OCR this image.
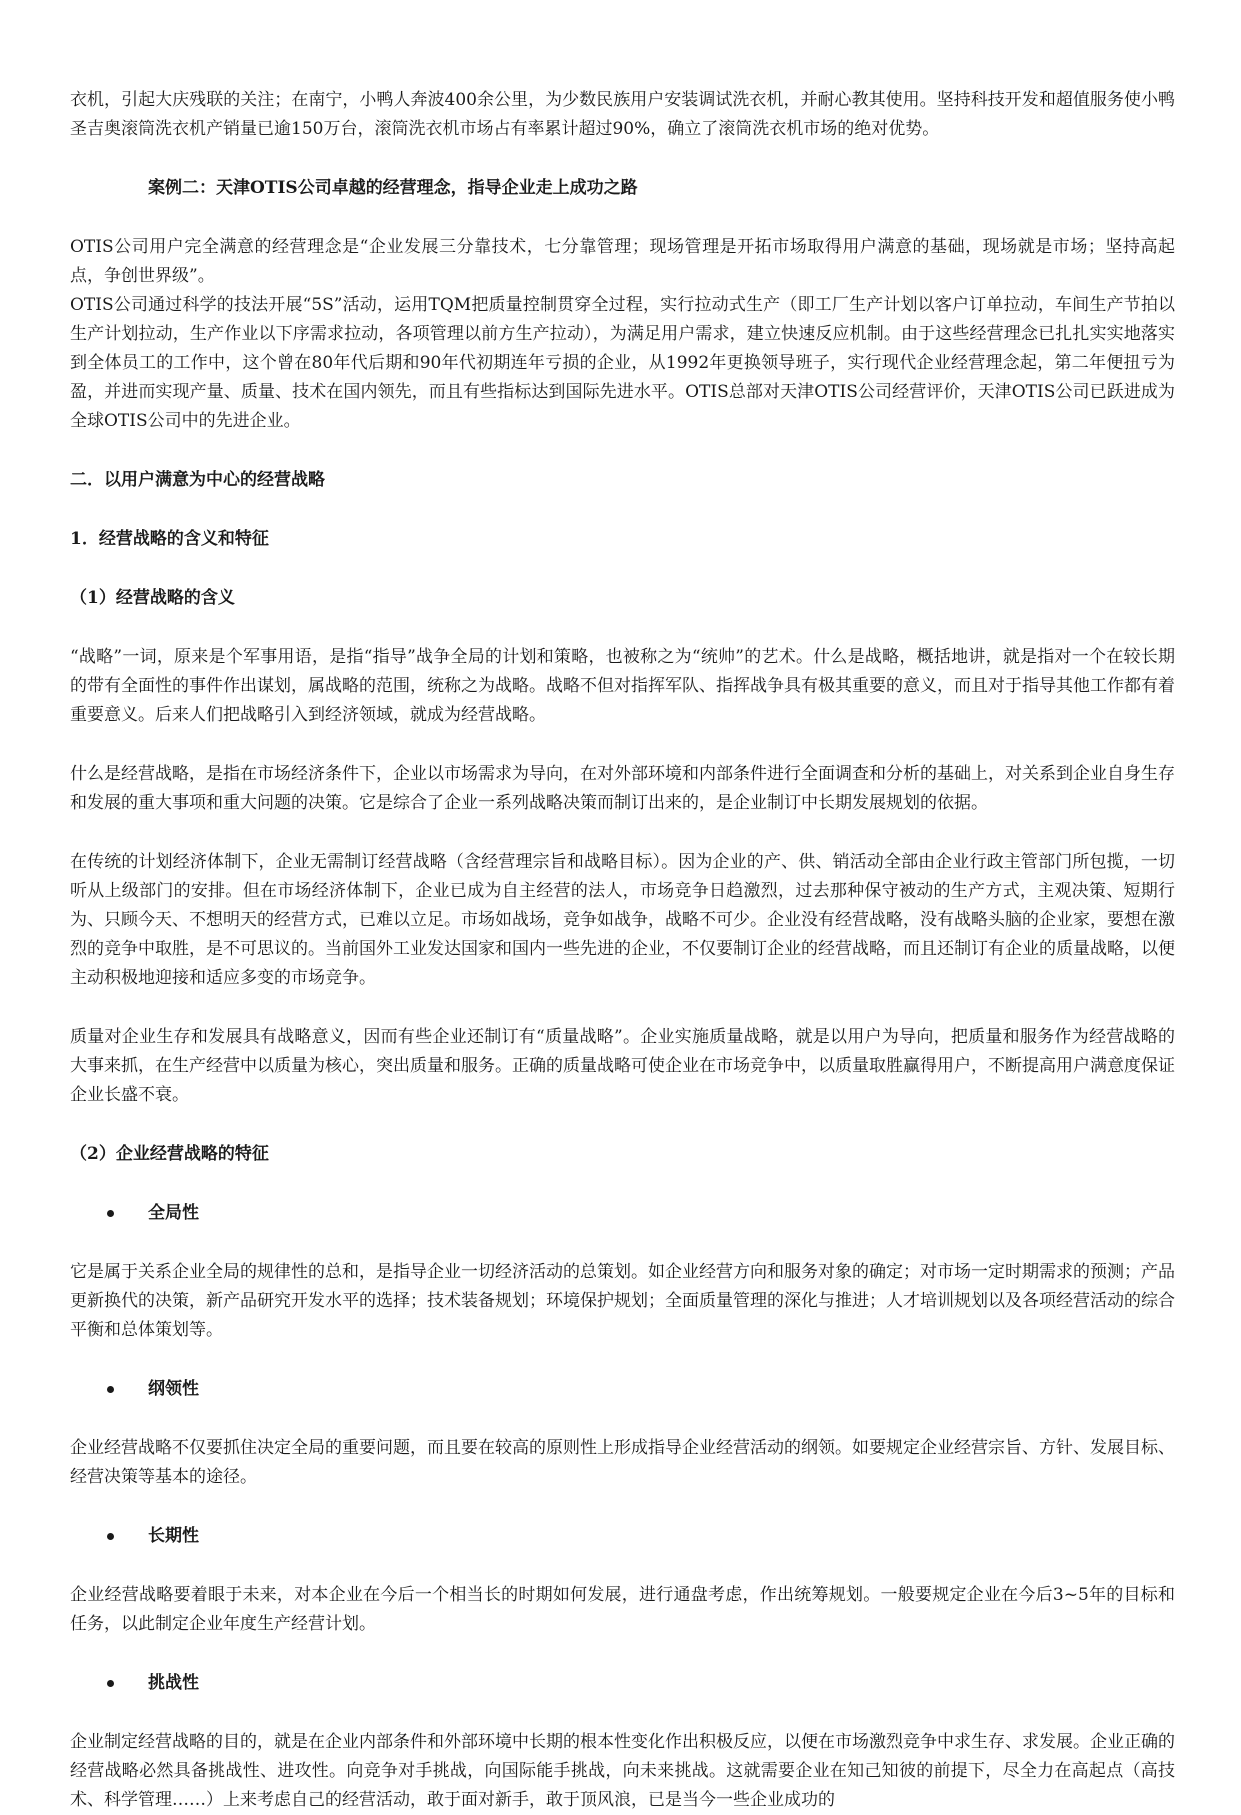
衣机，引起大庆残联的关注；在南宁，小鸭人奔波400余公里，为少数民族用户安装调试洗衣机，并耐心教其使用。坚持科技开发和超值服务使小鸭圣吉奥滚筒洗衣机产销量已逾150万台，滚筒洗衣机市场占有率累计超过90%，确立了滚筒洗衣机市场的绝对优势。

案例二：天津OTIS公司卓越的经营理念，指导企业走上成功之路

OTIS公司用户完全满意的经营理念是“企业发展三分靠技术，七分靠管理；现场管理是开拓市场取得用户满意的基础，现场就是市场；坚持高起点，争创世界级”。

OTIS公司通过科学的技法开展“5S”活动，运用TQM把质量控制贯穿全过程，实行拉动式生产（即工厂生产计划以客户订单拉动，车间生产节拍以生产计划拉动，生产作业以下序需求拉动，各项管理以前方生产拉动），为满足用户需求，建立快速反应机制。由于这些经营理念已扎扎实实地落实到全体员工的工作中，这个曾在80年代后期和90年代初期连年亏损的企业，从1992年更换领导班子，实行现代企业经营理念起，第二年便扭亏为盈，并进而实现产量、质量、技术在国内领先，而且有些指标达到国际先进水平。OTIS总部对天津OTIS公司经营评价，天津OTIS公司已跃进成为全球OTIS公司中的先进企业。

二．以用户满意为中心的经营战略
1．经营战略的含义和特征
（1）经营战略的含义

“战略”一词，原来是个军事用语，是指“指导”战争全局的计划和策略，也被称之为“统帅”的艺术。什么是战略，概括地讲，就是指对一个在较长期的带有全面性的事件作出谋划，属战略的范围，统称之为战略。战略不但对指挥军队、指挥战争具有极其重要的意义，而且对于指导其他工作都有着重要意义。后来人们把战略引入到经济领域，就成为经营战略。

什么是经营战略，是指在市场经济条件下，企业以市场需求为导向，在对外部环境和内部条件进行全面调查和分析的基础上，对关系到企业自身生存和发展的重大事项和重大问题的决策。它是综合了企业一系列战略决策而制订出来的，是企业制订中长期发展规划的依据。

在传统的计划经济体制下，企业无需制订经营战略（含经营理宗旨和战略目标）。因为企业的产、供、销活动全部由企业行政主管部门所包揽，一切听从上级部门的安排。但在市场经济体制下，企业已成为自主经营的法人，市场竞争日趋激烈，过去那种保守被动的生产方式，主观决策、短期行为、只顾今天、不想明天的经营方式，已难以立足。市场如战场，竞争如战争，战略不可少。企业没有经营战略，没有战略头脑的企业家，要想在激烈的竞争中取胜，是不可思议的。当前国外工业发达国家和国内一些先进的企业，不仅要制订企业的经营战略，而且还制订有企业的质量战略，以便主动积极地迎接和适应多变的市场竞争。

质量对企业生存和发展具有战略意义，因而有些企业还制订有“质量战略”。企业实施质量战略，就是以用户为导向，把质量和服务作为经营战略的大事来抓，在生产经营中以质量为核心，突出质量和服务。正确的质量战略可使企业在市场竞争中，以质量取胜赢得用户，不断提高用户满意度保证企业长盛不衰。

（2）企业经营战略的特征
全局性

它是属于关系企业全局的规律性的总和，是指导企业一切经济活动的总策划。如企业经营方向和服务对象的确定；对市场一定时期需求的预测；产品更新换代的决策，新产品研究开发水平的选择；技术装备规划；环境保护规划；全面质量管理的深化与推进；人才培训规划以及各项经营活动的综合平衡和总体策划等。

纲领性

企业经营战略不仅要抓住决定全局的重要问题，而且要在较高的原则性上形成指导企业经营活动的纲领。如要规定企业经营宗旨、方针、发展目标、经营决策等基本的途径。

长期性

企业经营战略要着眼于未来，对本企业在今后一个相当长的时期如何发展，进行通盘考虑，作出统筹规划。一般要规定企业在今后3~5年的目标和任务，以此制定企业年度生产经营计划。

挑战性

企业制定经营战略的目的，就是在企业内部条件和外部环境中长期的根本性变化作出积极反应，以便在市场激烈竞争中求生存、求发展。企业正确的经营战略必然具备挑战性、进攻性。向竞争对手挑战，向国际能手挑战，向未来挑战。这就需要企业在知己知彼的前提下，尽全力在高起点（高技术、科学管理……）上来考虑自己的经营活动，敢于面对新手，敢于顶风浪，已是当今一些企业成功的
